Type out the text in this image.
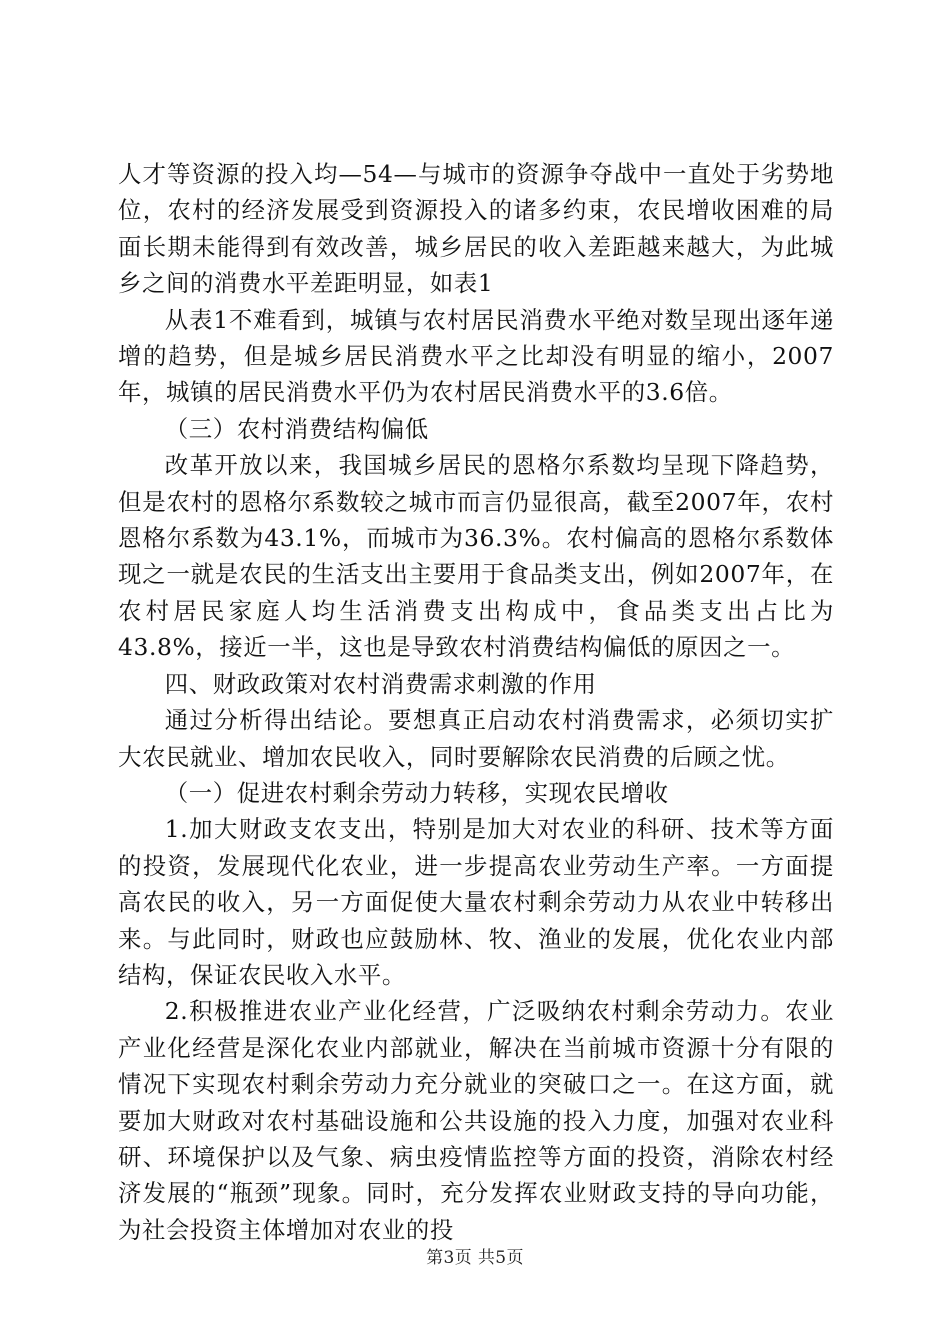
人才等资源的投入均—54—与城市的资源争夺战中一直处于劣势地位，农村的经济发展受到资源投入的诸多约束，农民增收困难的局面长期未能得到有效改善，城乡居民的收入差距越来越大，为此城乡之间的消费水平差距明显，如表1

从表1不难看到，城镇与农村居民消费水平绝对数呈现出逐年递增的趋势，但是城乡居民消费水平之比却没有明显的缩小，2007年，城镇的居民消费水平仍为农村居民消费水平的3.6倍。

（三）农村消费结构偏低

改革开放以来，我国城乡居民的恩格尔系数均呈现下降趋势，但是农村的恩格尔系数较之城市而言仍显很高，截至2007年，农村恩格尔系数为43.1%，而城市为36.3%。农村偏高的恩格尔系数体现之一就是农民的生活支出主要用于食品类支出，例如2007年，在农村居民家庭人均生活消费支出构成中，食品类支出占比为43.8%，接近一半，这也是导致农村消费结构偏低的原因之一。

四、财政政策对农村消费需求刺激的作用

通过分析得出结论。要想真正启动农村消费需求，必须切实扩大农民就业、增加农民收入，同时要解除农民消费的后顾之忧。

（一）促进农村剩余劳动力转移，实现农民增收

1.加大财政支农支出，特别是加大对农业的科研、技术等方面的投资，发展现代化农业，进一步提高农业劳动生产率。一方面提高农民的收入，另一方面促使大量农村剩余劳动力从农业中转移出来。与此同时，财政也应鼓励林、牧、渔业的发展，优化农业内部结构，保证农民收入水平。

2.积极推进农业产业化经营，广泛吸纳农村剩余劳动力。农业产业化经营是深化农业内部就业，解决在当前城市资源十分有限的情况下实现农村剩余劳动力充分就业的突破口之一。在这方面，就要加大财政对农村基础设施和公共设施的投入力度，加强对农业科研、环境保护以及气象、病虫疫情监控等方面的投资，消除农村经济发展的“瓶颈”现象。同时，充分发挥农业财政支持的导向功能，为社会投资主体增加对农业的投

第3页 共5页
